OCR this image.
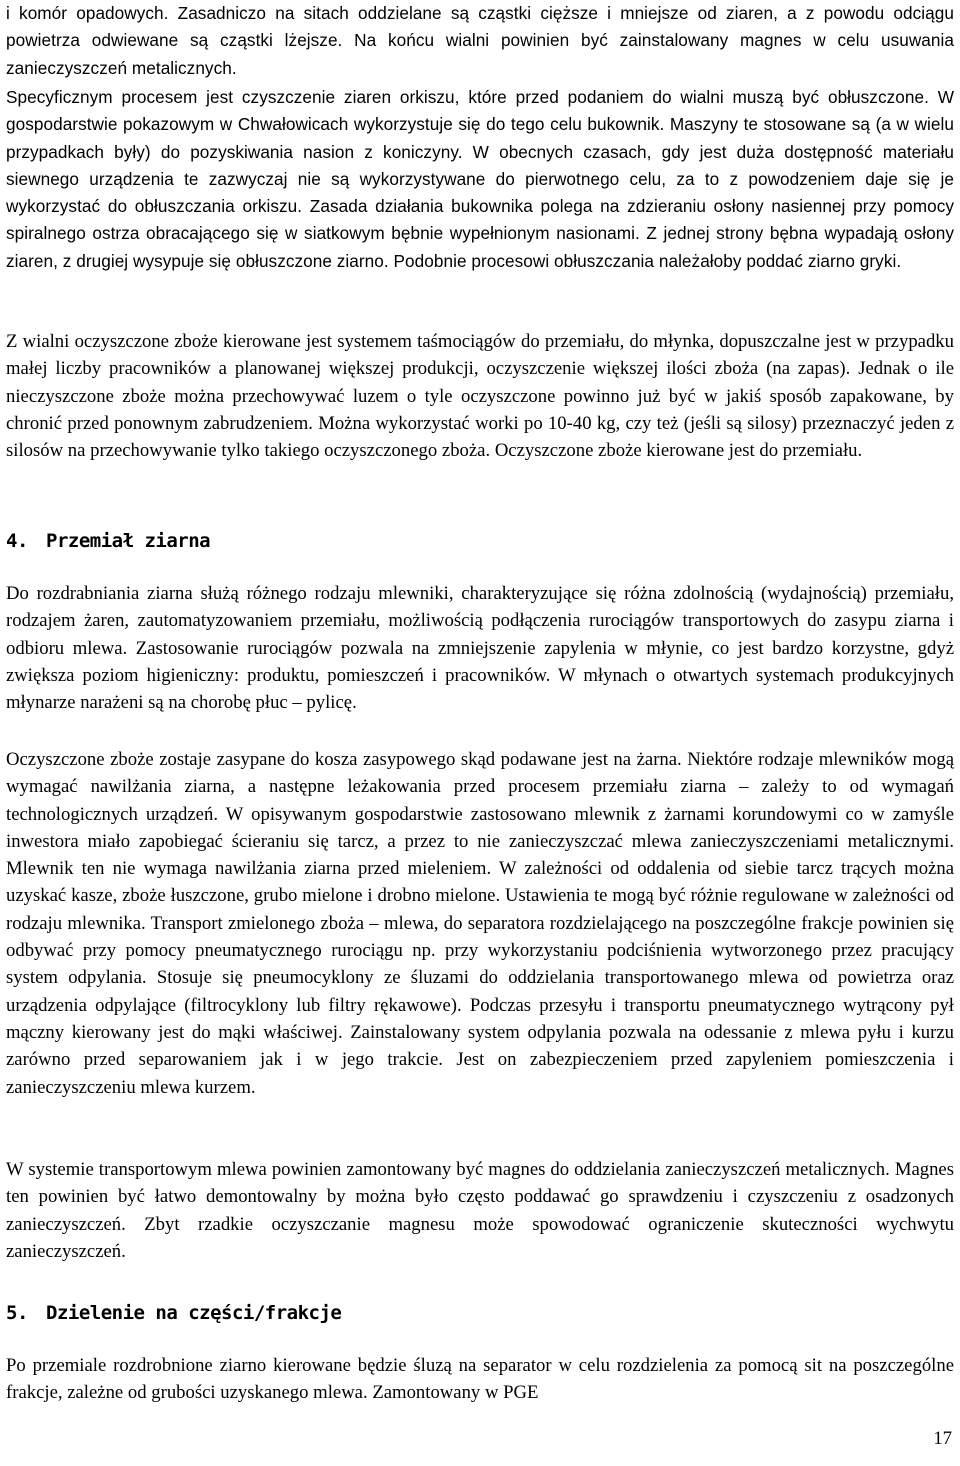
i komór opadowych. Zasadniczo na sitach oddzielane są cząstki cięższe i mniejsze od ziaren, a z powodu odciągu powietrza odwiewane są cząstki lżejsze. Na końcu wialni powinien być zainstalowany magnes w celu usuwania zanieczyszczeń metalicznych.

Specyficznym procesem jest czyszczenie ziaren orkiszu, które przed podaniem do wialni muszą być obłuszczone. W gospodarstwie pokazowym w Chwałowicach wykorzystuje się do tego celu bukownik. Maszyny te stosowane są (a w wielu przypadkach były) do pozyskiwania nasion z koniczyny. W obecnych czasach, gdy jest duża dostępność materiału siewnego urządzenia te zazwyczaj nie są wykorzystywane do pierwotnego celu, za to z powodzeniem daje się je wykorzystać do obłuszczania orkiszu. Zasada działania bukownika polega na zdzieraniu osłony nasiennej przy pomocy spiralnego ostrza obracającego się w siatkowym bębnie wypełnionym nasionami. Z jednej strony bębna wypadają osłony ziaren, z drugiej wysypuje się obłuszczone ziarno. Podobnie procesowi obłuszczania należałoby poddać ziarno gryki.

Z wialni oczyszczone zboże kierowane jest systemem taśmociągów do przemiału, do młynka, dopuszczalne jest w przypadku małej liczby pracowników a planowanej większej produkcji, oczyszczenie większej ilości zboża (na zapas). Jednak o ile nieczyszczone zboże można przechowywać luzem o tyle oczyszczone powinno już być w jakiś sposób zapakowane, by chronić przed ponownym zabrudzeniem. Można wykorzystać worki po 10-40 kg, czy też (jeśli są silosy) przeznaczyć jeden z silosów na przechowywanie tylko takiego oczyszczonego zboża. Oczyszczone zboże kierowane jest do przemiału.

4. Przemiał ziarna

Do rozdrabniania ziarna służą różnego rodzaju mlewniki, charakteryzujące się różna zdolnością (wydajnością) przemiału, rodzajem żaren, zautomatyzowaniem przemiału, możliwością podłączenia rurociągów transportowych do zasypu ziarna i odbioru mlewa. Zastosowanie rurociągów pozwala na zmniejszenie zapylenia w młynie, co jest bardzo korzystne, gdyż zwiększa poziom higieniczny: produktu, pomieszczeń i pracowników. W młynach o otwartych systemach produkcyjnych młynarze narażeni są na chorobę płuc – pylicę.

Oczyszczone zboże zostaje zasypane do kosza zasypowego skąd podawane jest na żarna. Niektóre rodzaje mlewników mogą wymagać nawilżania ziarna, a następne leżakowania przed procesem przemiału ziarna – zależy to od wymagań technologicznych urządzeń. W opisywanym gospodarstwie zastosowano mlewnik z żarnami korundowymi co w zamyśle inwestora miało zapobiegać ścieraniu się tarcz, a przez to nie zanieczyszczać mlewa zanieczyszczeniami metalicznymi. Mlewnik ten nie wymaga nawilżania ziarna przed mieleniem. W zależności od oddalenia od siebie tarcz trących można uzyskać kasze, zboże łuszczone, grubo mielone i drobno mielone. Ustawienia te mogą być różnie regulowane w zależności od rodzaju mlewnika. Transport zmielonego zboża – mlewa, do separatora rozdzielającego na poszczególne frakcje powinien się odbywać przy pomocy pneumatycznego rurociągu np. przy wykorzystaniu podciśnienia wytworzonego przez pracujący system odpylania. Stosuje się pneumocyklony ze śluzami do oddzielania transportowanego mlewa od powietrza oraz urządzenia odpylające (filtrocyklony lub filtry rękawowe). Podczas przesyłu i transportu pneumatycznego wytrącony pył mączny kierowany jest do mąki właściwej. Zainstalowany system odpylania pozwala na odessanie z mlewa pyłu i kurzu zarówno przed separowaniem jak i w jego trakcie. Jest on zabezpieczeniem przed zapyleniem pomieszczenia i zanieczyszczeniu mlewa kurzem.

W systemie transportowym mlewa powinien zamontowany być magnes do oddzielania zanieczyszczeń metalicznych. Magnes ten powinien być łatwo demontowalny by można było często poddawać go sprawdzeniu i czyszczeniu z osadzonych zanieczyszczeń. Zbyt rzadkie oczyszczanie magnesu może spowodować ograniczenie skuteczności wychwytu zanieczyszczeń.

5. Dzielenie na części/frakcje

Po przemiale rozdrobnione ziarno kierowane będzie śluzą na separator w celu rozdzielenia za pomocą sit na poszczególne frakcje, zależne od grubości uzyskanego mlewa. Zamontowany w PGE

17
